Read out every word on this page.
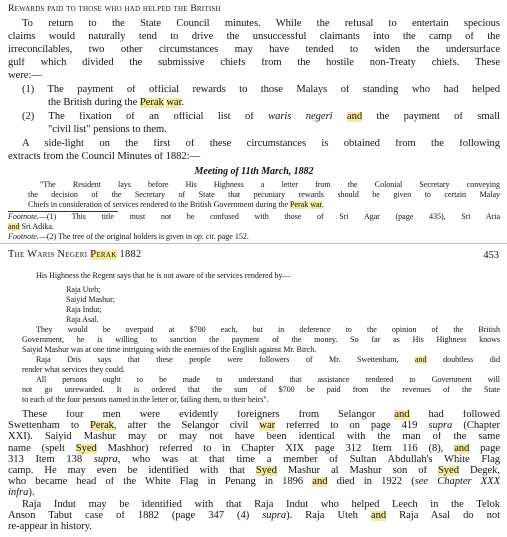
Rewards paid to those who had helped the British
To return to the State Council minutes. While the refusal to entertain specious
claims would naturally tend to drive the unsuccessful claimants into the camp of the
irreconcilables, two other circumstances may have tended to widen the undersurface
gulf which divided the submissive chiefs from the hostile non-Treaty chiefs. These
were:—
(1) The payment of official rewards to those Malays of standing who had helped
the British during the Perak war.
(2) The fixation of an official list of waris negeri and the payment of small
"civil list" pensions to them.
A side-light on the first of these circumstances is obtained from the following
extracts from the Council Minutes of 1882:—
Meeting of 11th March, 1882
"The Resident lays before His Highness a letter from the Colonial Secretary conveying
the decision of the Secretary of State that pecuniary rewards should be given to certain Malay
Chiefs in consideration of services rendered to the British Government during the Perak war.
Footnote.—(1) This title must not be confused with those of Sri Agar (page 435), Sri Aria
and Sri Adika.
Footnote.—(2) The tree of the original holders is given in op. cit. page 152.
The Waris Negeri Perak 1882	453
His Highness the Regent says that he is not aware of the services rendered by—
Raja Uteh;
Saiyid Mashur;
Raja Indut;
Raja Asal.
They would be overpaid at $700 each, but in deference to the opinion of the British
Government, he is willing to sanction the payment of the money. So far as His Highness knows
Saiyid Mashur was at one time intriguing with the enemies of the English against Mr. Birch.
Raja Dris says that these people were followers of Mr. Swettenham, and doubtless did
render what services they could.
All persons ought to be made to understand that assistance rendered to Government will
not go unrewarded. It is ordered that the sum of $700 be paid from the revenues of the State
to each of the four persons named in the letter or, failing them, to their heirs".
These four men were evidently foreigners from Selangor and had followed
Swettenham to Perak, after the Selangor civil war referred to on page 419 supra (Chapter
XXI). Saiyid Mashur may or may not have been identical with the man of the same
name (spelt Syed Mashhor) referred to in Chapter XIX page 312 Item 116 (8), and page
313 Item 138 supra, who was at that time a member of Sultan Abdullah's White Flag
camp. He may even be identified with that Syed Mashur al Mashur son of Syed Degek,
who became head of the White Flag in Penang in 1896 and died in 1922 (see Chapter XXX
infra).
Raja Indut may be identified with that Raja Indut who helped Leech in the Telok
Anson Tabut case of 1882 (page 347 (4) supra). Raja Uteh and Raja Asal do not
re-appear in history.
